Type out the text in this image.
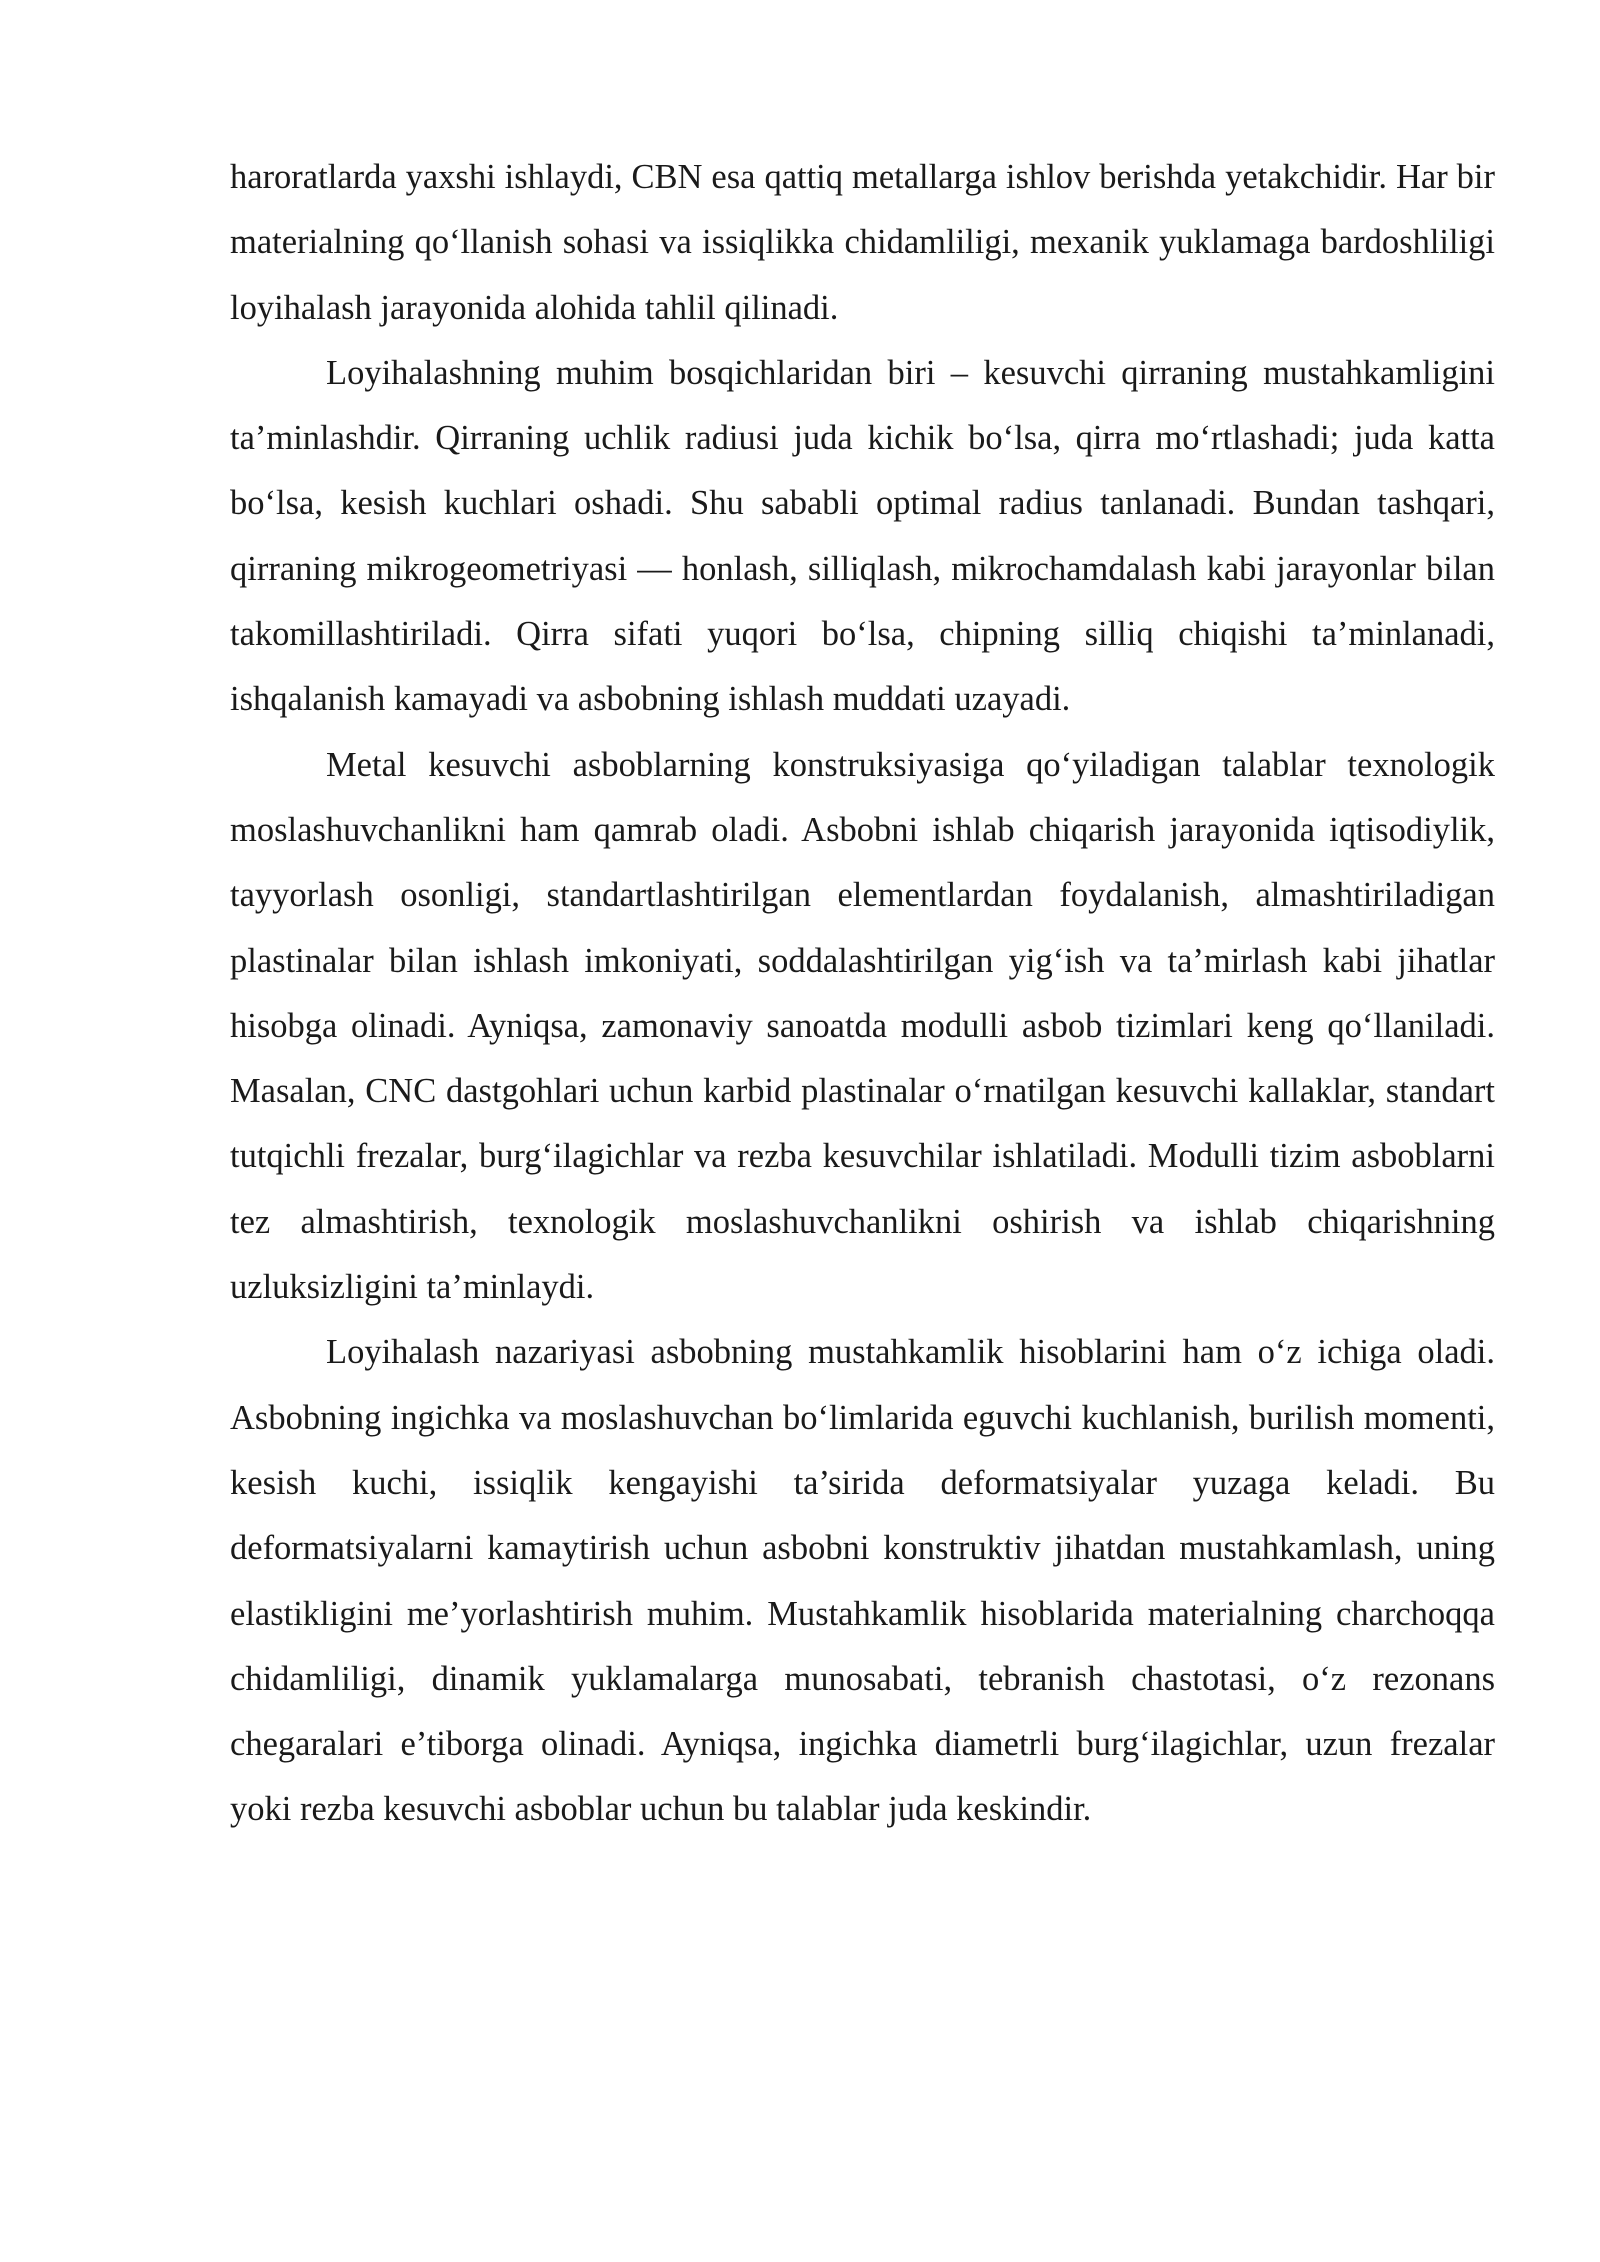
haroratlarda yaxshi ishlaydi, CBN esa qattiq metallarga ishlov berishda yetakchidir. Har bir materialning qo‘llanish sohasi va issiqlikka chidamliligi, mexanik yuklamaga bardoshliligi loyihalash jarayonida alohida tahlil qilinadi.

Loyihalashning muhim bosqichlaridan biri – kesuvchi qirraning mustahkamligini ta’minlashdir. Qirraning uchlik radiusi juda kichik bo‘lsa, qirra mo‘rtlashadi; juda katta bo‘lsa, kesish kuchlari oshadi. Shu sababli optimal radius tanlanadi. Bundan tashqari, qirraning mikrogeometriyasi — honlash, silliqlash, mikrochamdalash kabi jarayonlar bilan takomillashtiriladi. Qirra sifati yuqori bo‘lsa, chipning silliq chiqishi ta’minlanadi, ishqalanish kamayadi va asbobning ishlash muddati uzayadi.

Metal kesuvchi asboblarning konstruksiyasiga qo‘yiladigan talablar texnologik moslashuvchanlikni ham qamrab oladi. Asbobni ishlab chiqarish jarayonida iqtisodiylik, tayyorlash osonligi, standartlashtirilgan elementlardan foydalanish, almashtiriladigan plastinalar bilan ishlash imkoniyati, soddalashtirilgan yig‘ish va ta’mirlash kabi jihatlar hisobga olinadi. Ayniqsa, zamonaviy sanoatda modulli asbob tizimlari keng qo‘llaniladi. Masalan, CNC dastgohlari uchun karbid plastinalar o‘rnatilgan kesuvchi kallaklar, standart tutqichli frezalar, burg‘ilagichlar va rezba kesuvchilar ishlatiladi. Modulli tizim asboblarni tez almashtirish, texnologik moslashuvchanlikni oshirish va ishlab chiqarishning uzluksizligini ta’minlaydi.

Loyihalash nazariyasi asbobning mustahkamlik hisoblarini ham o‘z ichiga oladi. Asbobning ingichka va moslashuvchan bo‘limlarida eguvchi kuchlanish, burilish momenti, kesish kuchi, issiqlik kengayishi ta’sirida deformatsiyalar yuzaga keladi. Bu deformatsiyalarni kamaytirish uchun asbobni konstruktiv jihatdan mustahkamlash, uning elastikligini me’yorlashtirish muhim. Mustahkamlik hisoblarida materialning charchoqqa chidamliligi, dinamik yuklamalarga munosabati, tebranish chastotasi, o‘z rezonans chegaralari e’tiborga olinadi. Ayniqsa, ingichka diametrli burg‘ilagichlar, uzun frezalar yoki rezba kesuvchi asboblar uchun bu talablar juda keskindir.
